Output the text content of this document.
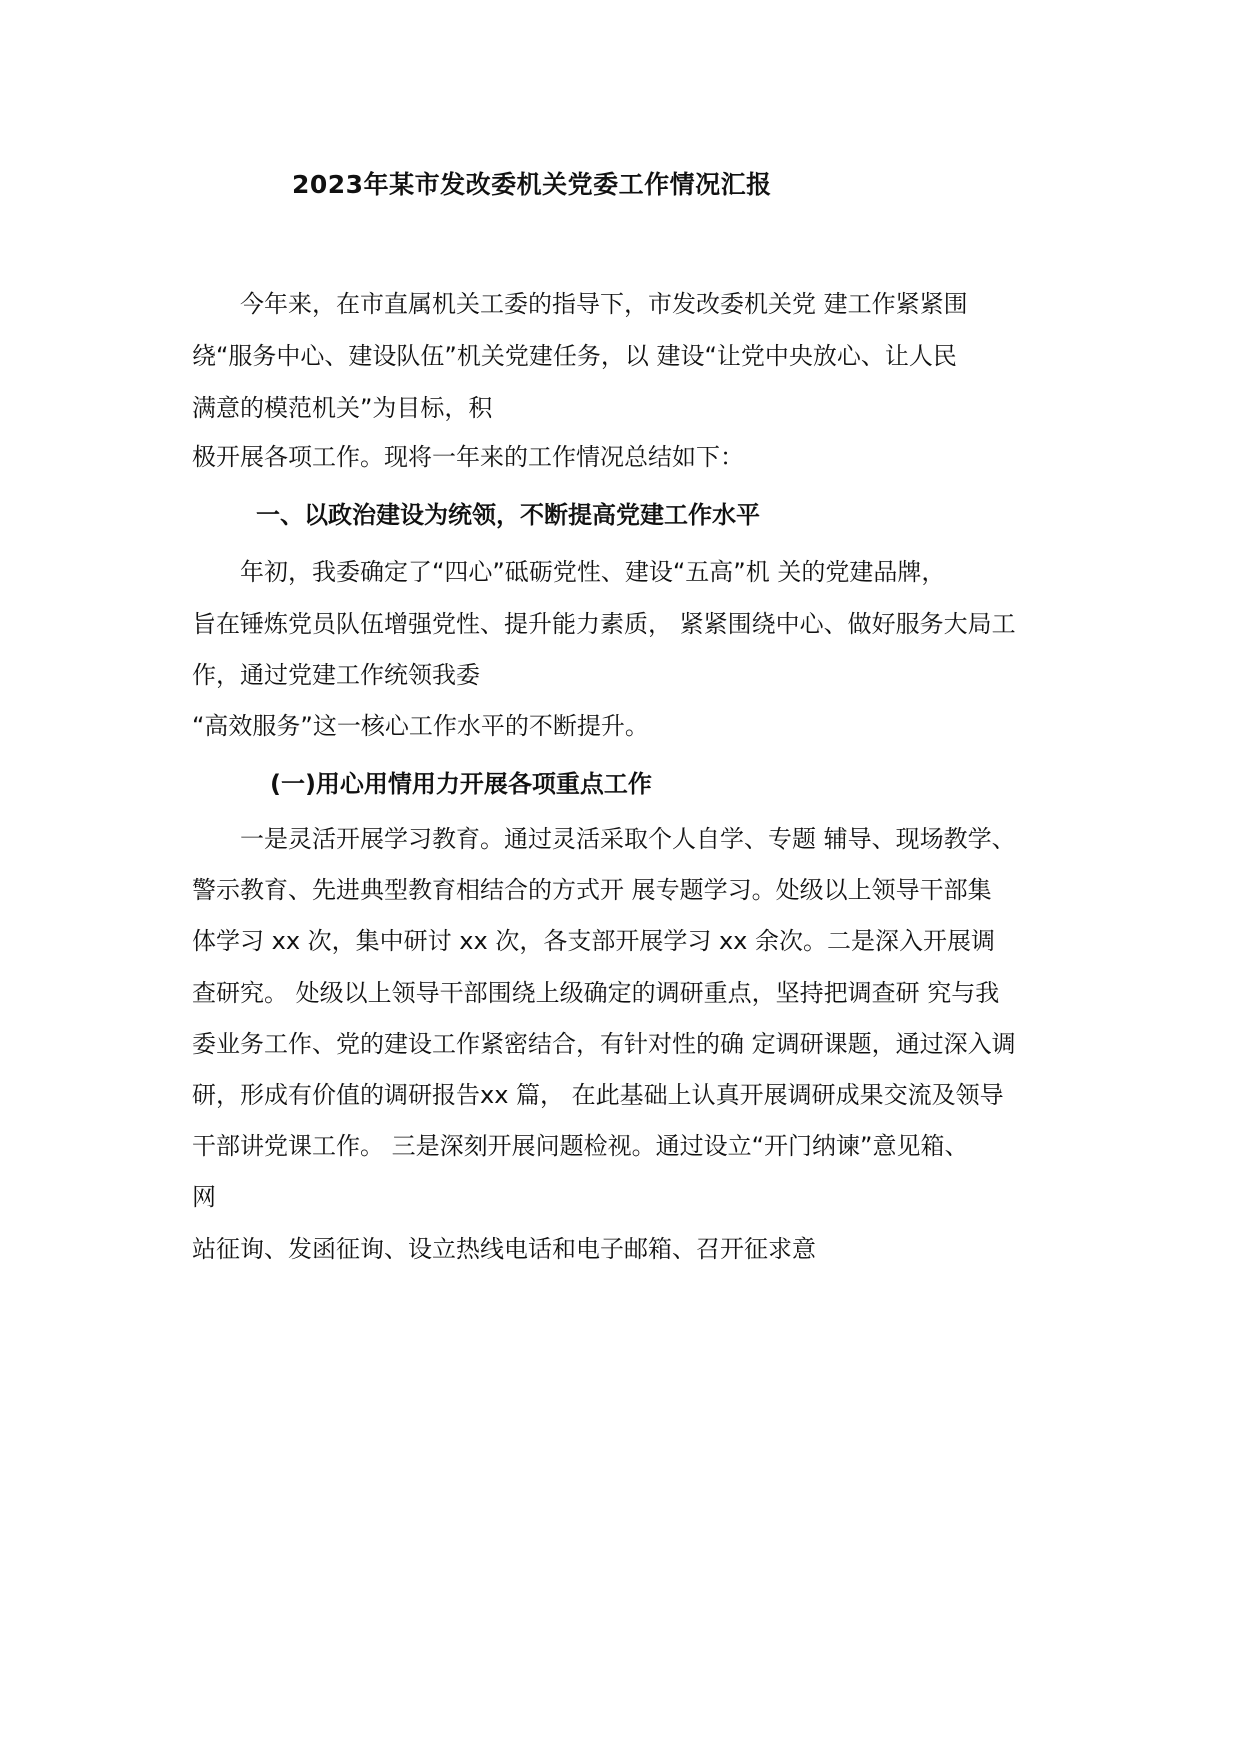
2023年某市发改委机关党委工作情况汇报
　　今年来，在市直属机关工委的指导下，市发改委机关党 建工作紧紧围
绕“服务中心、建设队伍”机关党建任务，以 建设“让党中央放心、让人民
满意的模范机关”为目标，积
极开展各项工作。现将一年来的工作情况总结如下：
一、以政治建设为统领，不断提高党建工作水平
　　年初，我委确定了“四心”砥砺党性、建设“五高”机 关的党建品牌，
旨在锤炼党员队伍增强党性、提升能力素质， 紧紧围绕中心、做好服务大局工
作，通过党建工作统领我委
“高效服务”这一核心工作水平的不断提升。
(一)用心用情用力开展各项重点工作
　　一是灵活开展学习教育。通过灵活采取个人自学、专题 辅导、现场教学、
警示教育、先进典型教育相结合的方式开 展专题学习。处级以上领导干部集
体学习 xx 次，集中研讨 xx 次，各支部开展学习 xx 余次。二是深入开展调
查研究。 处级以上领导干部围绕上级确定的调研重点，坚持把调查研 究与我
委业务工作、党的建设工作紧密结合，有针对性的确 定调研课题，通过深入调
研，形成有价值的调研报告xx 篇， 在此基础上认真开展调研成果交流及领导
干部讲党课工作。 三是深刻开展问题检视。通过设立“开门纳谏”意见箱、
网
站征询、发函征询、设立热线电话和电子邮箱、召开征求意
